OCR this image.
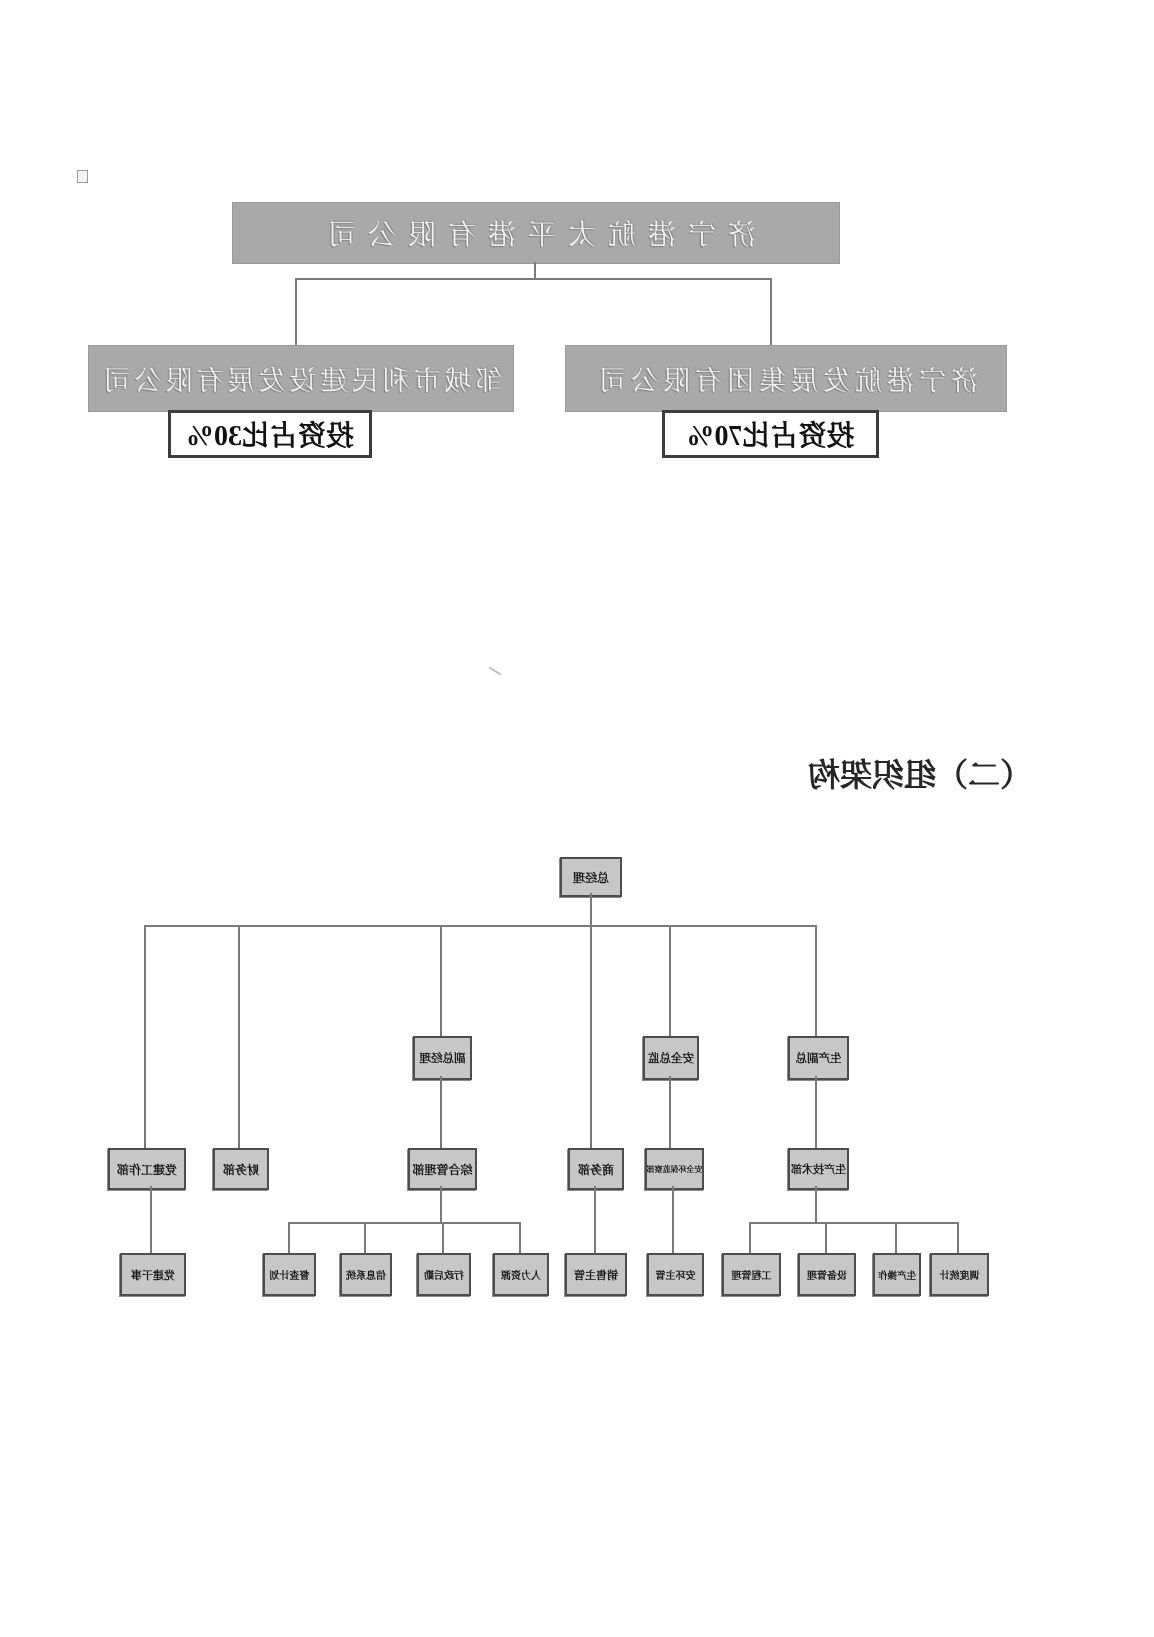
济宁港航太平港有限公司
邹城市利民建设发展有限公司	济宁港航发展集团有限公司
投资占比30%	投资占比70%
（二）组织架构
总经理
副总经理	安全总监	生产副总
党建工作部	财务部	综合管理部	商务部	安全环保监察部	生产技术部
党建干事	督查计划	信息系统	行政后勤	人力资源	销售主管	安环主管	工程管理	设备管理	生产操作	调度统计
